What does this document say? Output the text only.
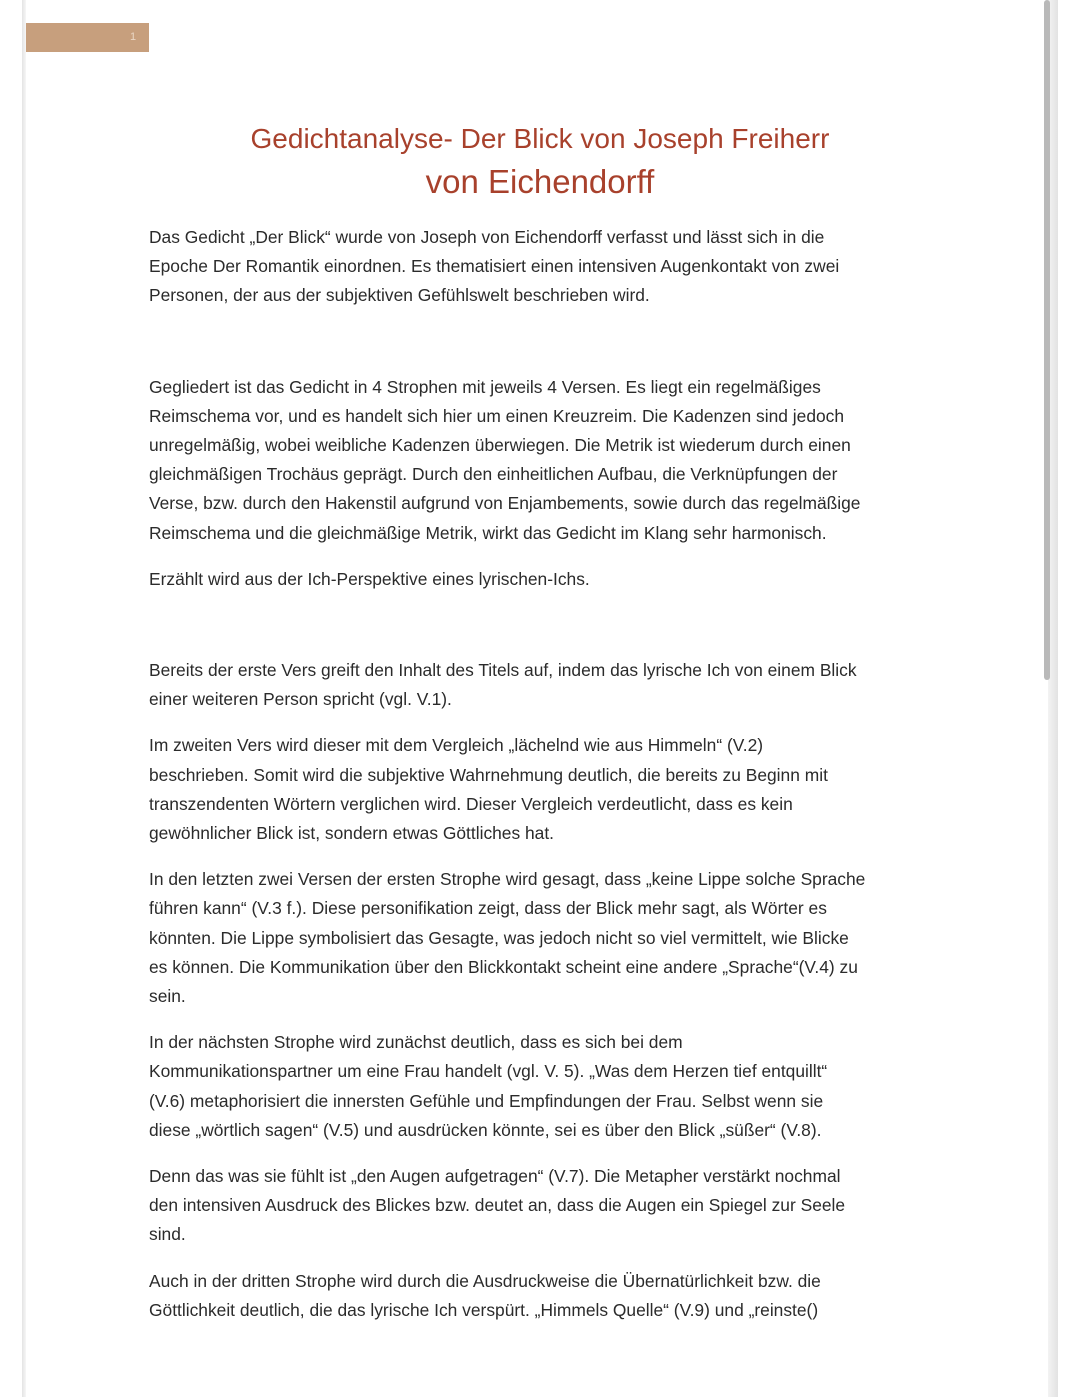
1
Gedichtanalyse- Der Blick von Joseph Freiherr
von Eichendorff

Das Gedicht „Der Blick“ wurde von Joseph von Eichendorff verfasst und lässt sich in die
Epoche Der Romantik einordnen. Es thematisiert einen intensiven Augenkontakt von zwei
Personen, der aus der subjektiven Gefühlswelt beschrieben wird.

Gegliedert ist das Gedicht in 4 Strophen mit jeweils 4 Versen. Es liegt ein regelmäßiges
Reimschema vor, und es handelt sich hier um einen Kreuzreim. Die Kadenzen sind jedoch
unregelmäßig, wobei weibliche Kadenzen überwiegen. Die Metrik ist wiederum durch einen
gleichmäßigen Trochäus geprägt. Durch den einheitlichen Aufbau, die Verknüpfungen der
Verse, bzw. durch den Hakenstil aufgrund von Enjambements, sowie durch das regelmäßige
Reimschema und die gleichmäßige Metrik, wirkt das Gedicht im Klang sehr harmonisch.

Erzählt wird aus der Ich-Perspektive eines lyrischen-Ichs.

Bereits der erste Vers greift den Inhalt des Titels auf, indem das lyrische Ich von einem Blick
einer weiteren Person spricht (vgl. V.1).

Im zweiten Vers wird dieser mit dem Vergleich „lächelnd wie aus Himmeln“ (V.2)
beschrieben. Somit wird die subjektive Wahrnehmung deutlich, die bereits zu Beginn mit
transzendenten Wörtern verglichen wird. Dieser Vergleich verdeutlicht, dass es kein
gewöhnlicher Blick ist, sondern etwas Göttliches hat.

In den letzten zwei Versen der ersten Strophe wird gesagt, dass „keine Lippe solche Sprache
führen kann“ (V.3 f.). Diese personifikation zeigt, dass der Blick mehr sagt, als Wörter es
könnten. Die Lippe symbolisiert das Gesagte, was jedoch nicht so viel vermittelt, wie Blicke
es können. Die Kommunikation über den Blickkontakt scheint eine andere „Sprache“(V.4) zu
sein.

In der nächsten Strophe wird zunächst deutlich, dass es sich bei dem
Kommunikationspartner um eine Frau handelt (vgl. V. 5). „Was dem Herzen tief entquillt“
(V.6) metaphorisiert die innersten Gefühle und Empfindungen der Frau. Selbst wenn sie
diese „wörtlich sagen“ (V.5) und ausdrücken könnte, sei es über den Blick „süßer“ (V.8).

Denn das was sie fühlt ist „den Augen aufgetragen“ (V.7). Die Metapher verstärkt nochmal
den intensiven Ausdruck des Blickes bzw. deutet an, dass die Augen ein Spiegel zur Seele
sind.

Auch in der dritten Strophe wird durch die Ausdruckweise die Übernatürlichkeit bzw. die
Göttlichkeit deutlich, die das lyrische Ich verspürt. „Himmels Quelle“ (V.9) und „reinste()
